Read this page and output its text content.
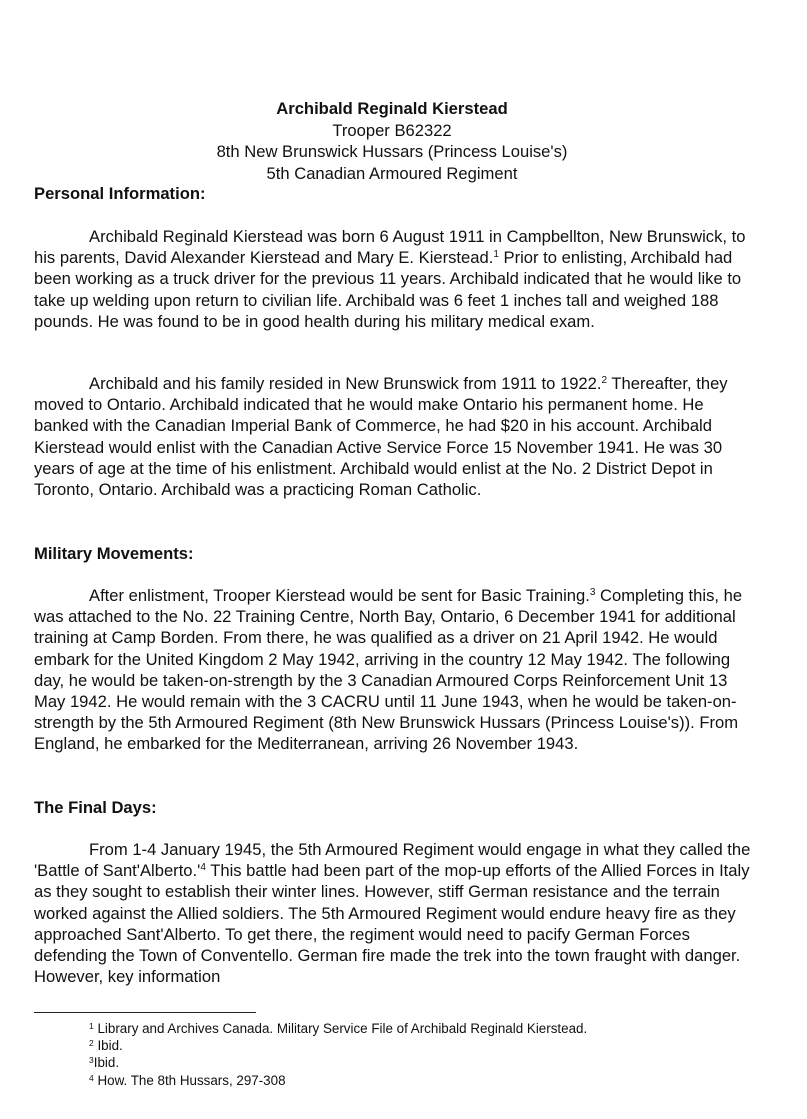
Archibald Reginald Kierstead
Trooper B62322
8th New Brunswick Hussars (Princess Louise's)
5th Canadian Armoured Regiment
Personal Information:

Archibald Reginald Kierstead was born 6 August 1911 in Campbellton, New Brunswick, to his parents, David Alexander Kierstead and Mary E. Kierstead.$^1$ Prior to enlisting, Archibald had been working as a truck driver for the previous 11 years. Archibald indicated that he would like to take up welding upon return to civilian life. Archibald was 6 feet 1 inches tall and weighed 188 pounds. He was found to be in good health during his military medical exam.

Archibald and his family resided in New Brunswick from 1911 to 1922.$^2$ Thereafter, they moved to Ontario. Archibald indicated that he would make Ontario his permanent home. He banked with the Canadian Imperial Bank of Commerce, he had $20 in his account. Archibald Kierstead would enlist with the Canadian Active Service Force 15 November 1941. He was 30 years of age at the time of his enlistment. Archibald would enlist at the No. 2 District Depot in Toronto, Ontario. Archibald was a practicing Roman Catholic.

Military Movements:

After enlistment, Trooper Kierstead would be sent for Basic Training.$^3$ Completing this, he was attached to the No. 22 Training Centre, North Bay, Ontario, 6 December 1941 for additional training at Camp Borden. From there, he was qualified as a driver on 21 April 1942. He would embark for the United Kingdom 2 May 1942, arriving in the country 12 May 1942. The following day, he would be taken-on-strength by the 3 Canadian Armoured Corps Reinforcement Unit 13 May 1942. He would remain with the 3 CACRU until 11 June 1943, when he would be taken-on-strength by the 5th Armoured Regiment (8th New Brunswick Hussars (Princess Louise's)). From England, he embarked for the Mediterranean, arriving 26 November 1943.

The Final Days:

From 1-4 January 1945, the 5th Armoured Regiment would engage in what they called the 'Battle of $Sant'Alberto.'^4$ This battle had been part of the mop-up efforts of the Allied Forces in Italy as they sought to establish their winter lines. However, stiff German resistance and the terrain worked against the Allied soldiers. The 5th Armoured Regiment would endure heavy fire as they approached Sant'Alberto. To get there, the regiment would need to pacify German Forces defending the Town of Conventello. German fire made the trek into the town fraught with danger. However, key information

$^1$ Library and Archives Canada. Military Service File of Archibald Reginald Kierstead.
$^2$ Ibid.
$^3$Ibid.
$^4$ How. The 8th Hussars, 297-308
